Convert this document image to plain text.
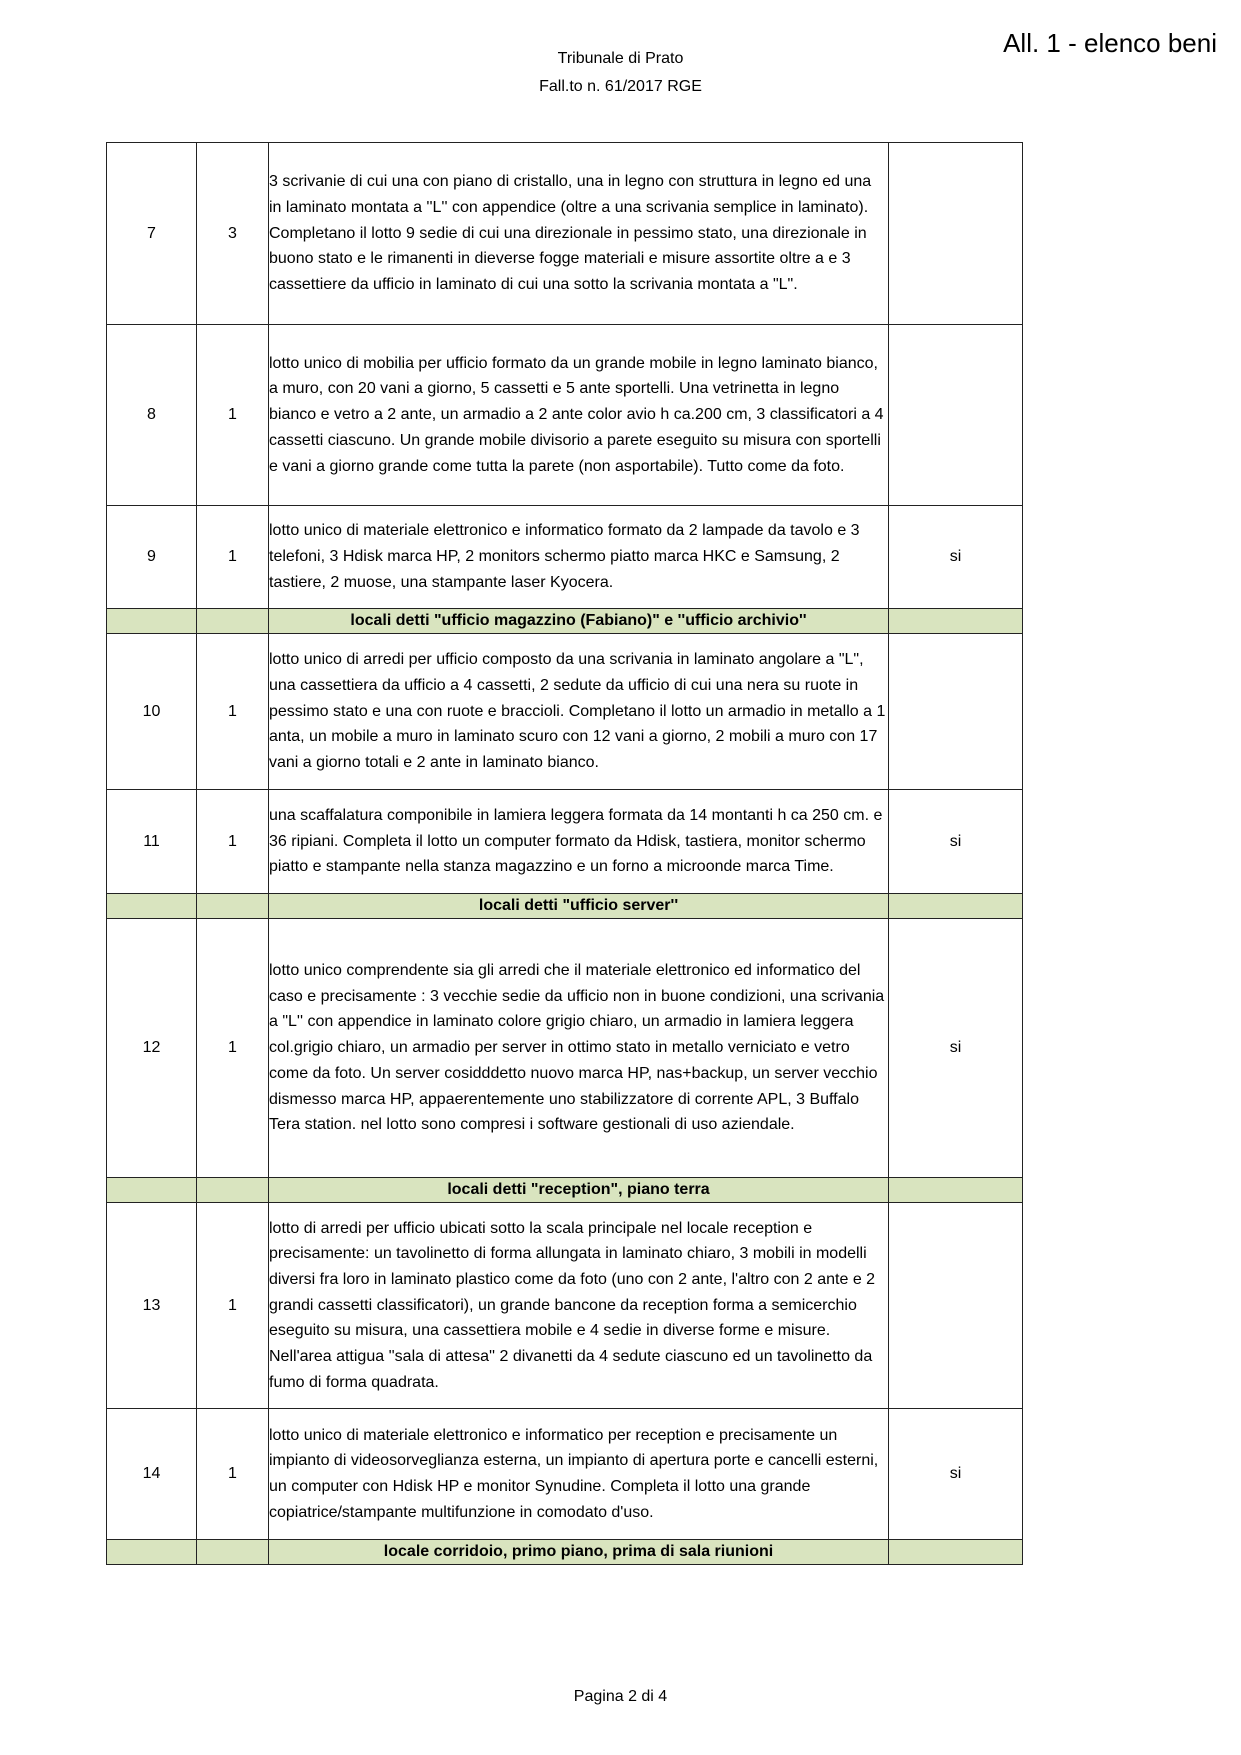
Tribunale di Prato
Fall.to n. 61/2017 RGE
All. 1 - elenco beni
7	3	3 scrivanie di cui una con piano di cristallo, una in legno con struttura in legno ed una in laminato montata a ''L'' con appendice (oltre a una scrivania semplice in laminato). Completano il lotto 9 sedie di cui una direzionale in pessimo stato, una direzionale in buono stato e le rimanenti in dieverse fogge materiali e misure assortite oltre a e 3 cassettiere da ufficio in laminato di cui una sotto la scrivania montata a "L".	
8	1	lotto unico di mobilia per ufficio formato da un grande mobile in legno laminato bianco, a muro, con 20 vani a giorno, 5 cassetti e 5 ante sportelli. Una vetrinetta in legno bianco e vetro a 2 ante, un armadio a 2 ante color avio h ca.200 cm, 3 classificatori a 4 cassetti ciascuno. Un grande mobile divisorio a parete eseguito su misura con sportelli e vani a giorno grande come tutta la parete (non asportabile). Tutto come da foto.	
9	1	lotto unico di materiale elettronico e informatico formato da 2 lampade da tavolo e 3 telefoni, 3 Hdisk marca HP, 2 monitors schermo piatto marca HKC e Samsung, 2 tastiere, 2 muose, una stampante laser Kyocera.	si
		locali detti "ufficio magazzino (Fabiano)" e ''ufficio archivio''	
10	1	lotto unico di arredi per ufficio composto da una scrivania in laminato angolare a "L", una cassettiera da ufficio a 4 cassetti, 2 sedute da ufficio di cui una nera su ruote in pessimo stato e una con ruote e braccioli. Completano il lotto un armadio in metallo a 1 anta, un mobile a muro in laminato scuro con 12 vani a giorno, 2 mobili a muro con 17 vani a giorno totali e 2 ante in laminato bianco.	
11	1	una scaffalatura componibile in lamiera leggera formata da 14 montanti h ca 250 cm. e 36 ripiani. Completa il lotto un computer formato da Hdisk, tastiera, monitor schermo piatto e stampante nella stanza magazzino e un forno a microonde marca Time.	si
		locali detti "ufficio server''	
12	1	lotto unico comprendente sia gli arredi che il materiale elettronico ed informatico del caso e precisamente : 3 vecchie sedie da ufficio non in buone condizioni, una scrivania a "L'' con appendice in laminato colore grigio chiaro, un armadio in lamiera leggera col.grigio chiaro, un armadio per server in ottimo stato in metallo verniciato e vetro come da foto. Un server cosidddetto nuovo marca HP, nas+backup, un server vecchio dismesso marca HP, appaerentemente uno stabilizzatore di corrente APL, 3 Buffalo Tera station. nel lotto sono compresi i software gestionali di uso aziendale.	si
		locali detti "reception", piano terra	
13	1	lotto di arredi per ufficio ubicati sotto la scala principale nel locale reception e precisamente: un tavolinetto di forma allungata in laminato chiaro, 3 mobili in modelli diversi fra loro in laminato plastico come da foto (uno con 2 ante, l'altro con 2 ante e 2 grandi cassetti classificatori), un grande bancone da reception forma a semicerchio eseguito su misura, una cassettiera mobile e 4 sedie in diverse forme e misure. Nell'area attigua ''sala di attesa'' 2 divanetti da 4 sedute ciascuno ed un tavolinetto da fumo di forma quadrata.	
14	1	lotto unico di materiale elettronico e informatico per reception e precisamente un impianto di videosorveglianza esterna, un impianto di apertura porte e cancelli esterni, un computer con Hdisk HP e monitor Synudine. Completa il lotto una grande copiatrice/stampante multifunzione in comodato d'uso.	si
		locale corridoio, primo piano, prima di sala riunioni	
Pagina 2 di 4
